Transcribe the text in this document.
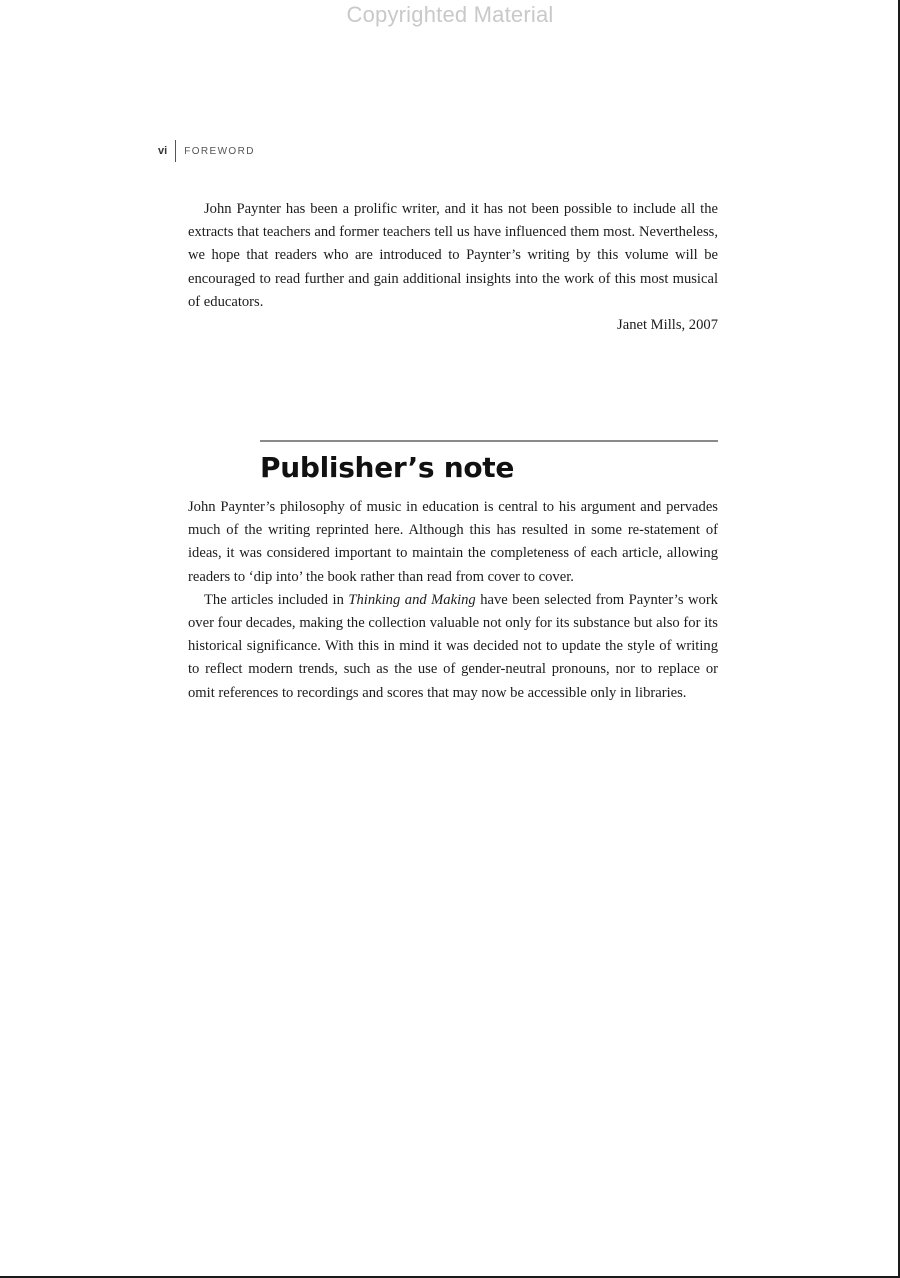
Copyrighted Material
vi FOREWORD

John Paynter has been a prolific writer, and it has not been possible to include all the extracts that teachers and former teachers tell us have influenced them most. Nevertheless, we hope that readers who are introduced to Paynter’s writing by this volume will be encouraged to read further and gain additional insights into the work of this most musical of educators.

Janet Mills, 2007

Publisher’s note

John Paynter’s philosophy of music in education is central to his argument and pervades much of the writing reprinted here. Although this has resulted in some re-statement of ideas, it was considered important to maintain the completeness of each article, allowing readers to ‘dip into’ the book rather than read from cover to cover.

The articles included in Thinking and Making have been selected from Paynter’s work over four decades, making the collection valuable not only for its substance but also for its historical significance. With this in mind it was decided not to update the style of writing to reflect modern trends, such as the use of gender-neutral pronouns, nor to replace or omit references to recordings and scores that may now be accessible only in libraries.
